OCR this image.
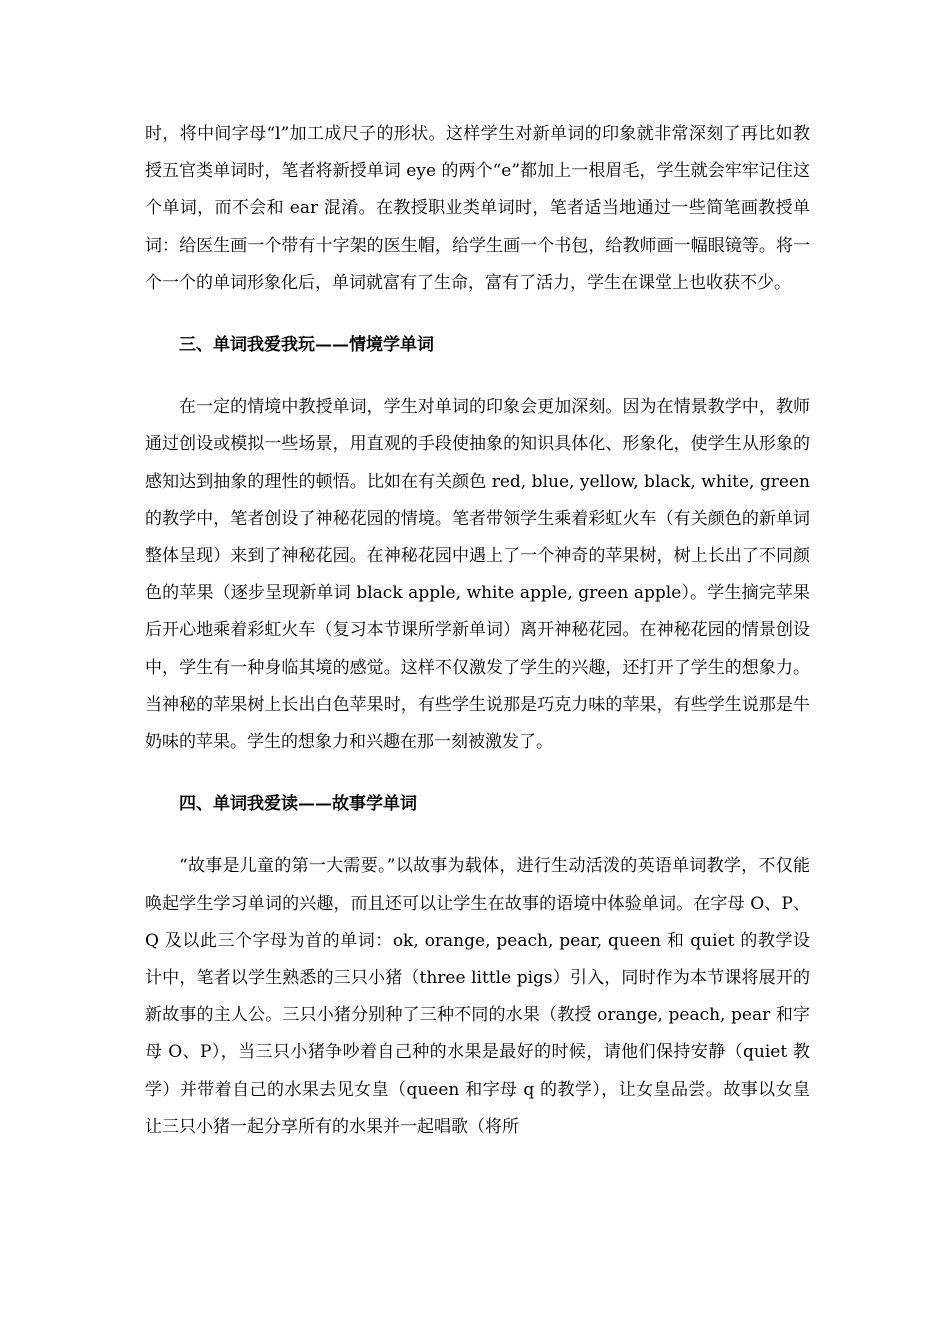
时，将中间字母“l”加工成尺子的形状。这样学生对新单词的印象就非常深刻了再比如教授五官类单词时，笔者将新授单词 eye 的两个“e”都加上一根眉毛，学生就会牢牢记住这个单词，而不会和 ear 混淆。在教授职业类单词时，笔者适当地通过一些简笔画教授单词：给医生画一个带有十字架的医生帽，给学生画一个书包，给教师画一幅眼镜等。将一个一个的单词形象化后，单词就富有了生命，富有了活力，学生在课堂上也收获不少。

三、单词我爱我玩——情境学单词

在一定的情境中教授单词，学生对单词的印象会更加深刻。因为在情景教学中，教师通过创设或模拟一些场景，用直观的手段使抽象的知识具体化、形象化，使学生从形象的感知达到抽象的理性的顿悟。比如在有关颜色 red, blue, yellow, black, white, green 的教学中，笔者创设了神秘花园的情境。笔者带领学生乘着彩虹火车（有关颜色的新单词整体呈现）来到了神秘花园。在神秘花园中遇上了一个神奇的苹果树，树上长出了不同颜色的苹果（逐步呈现新单词 black apple, white apple, green apple）。学生摘完苹果后开心地乘着彩虹火车（复习本节课所学新单词）离开神秘花园。在神秘花园的情景创设中，学生有一种身临其境的感觉。这样不仅激发了学生的兴趣，还打开了学生的想象力。当神秘的苹果树上长出白色苹果时，有些学生说那是巧克力味的苹果，有些学生说那是牛奶味的苹果。学生的想象力和兴趣在那一刻被激发了。

四、单词我爱读——故事学单词

“故事是儿童的第一大需要。”以故事为载体，进行生动活泼的英语单词教学，不仅能唤起学生学习单词的兴趣，而且还可以让学生在故事的语境中体验单词。在字母 O、P、Q 及以此三个字母为首的单词：ok, orange, peach, pear, queen 和 quiet 的教学设计中，笔者以学生熟悉的三只小猪（three little pigs）引入，同时作为本节课将展开的新故事的主人公。三只小猪分别种了三种不同的水果（教授 orange, peach, pear 和字母 O、P），当三只小猪争吵着自己种的水果是最好的时候，请他们保持安静（quiet 教学）并带着自己的水果去见女皇（queen 和字母 q 的教学），让女皇品尝。故事以女皇让三只小猪一起分享所有的水果并一起唱歌（将所
